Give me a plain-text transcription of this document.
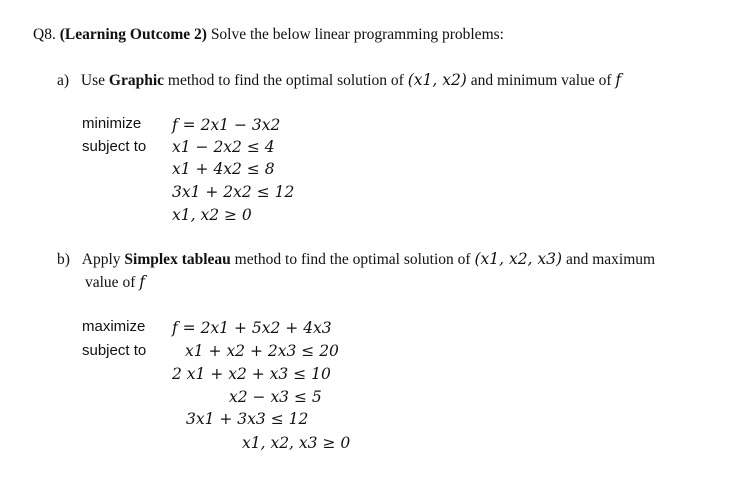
Q8. (Learning Outcome 2) Solve the below linear programming problems:
a) Use Graphic method to find the optimal solution of (x1, x2) and minimum value of f
minimize
subject to
f = 2x1 − 3x2
x1 − 2x2 ≤ 4
x1 + 4x2 ≤ 8
3x1 + 2x2 ≤ 12
x1, x2 ≥ 0
b) Apply Simplex tableau method to find the optimal solution of (x1, x2, x3) and maximum
value of f
maximize
subject to
f = 2x1 + 5x2 + 4x3
x1 + x2 + 2x3 ≤ 20
2 x1 + x2 + x3 ≤ 10
x2 − x3 ≤ 5
3x1 + 3x3 ≤ 12
x1, x2, x3 ≥ 0
